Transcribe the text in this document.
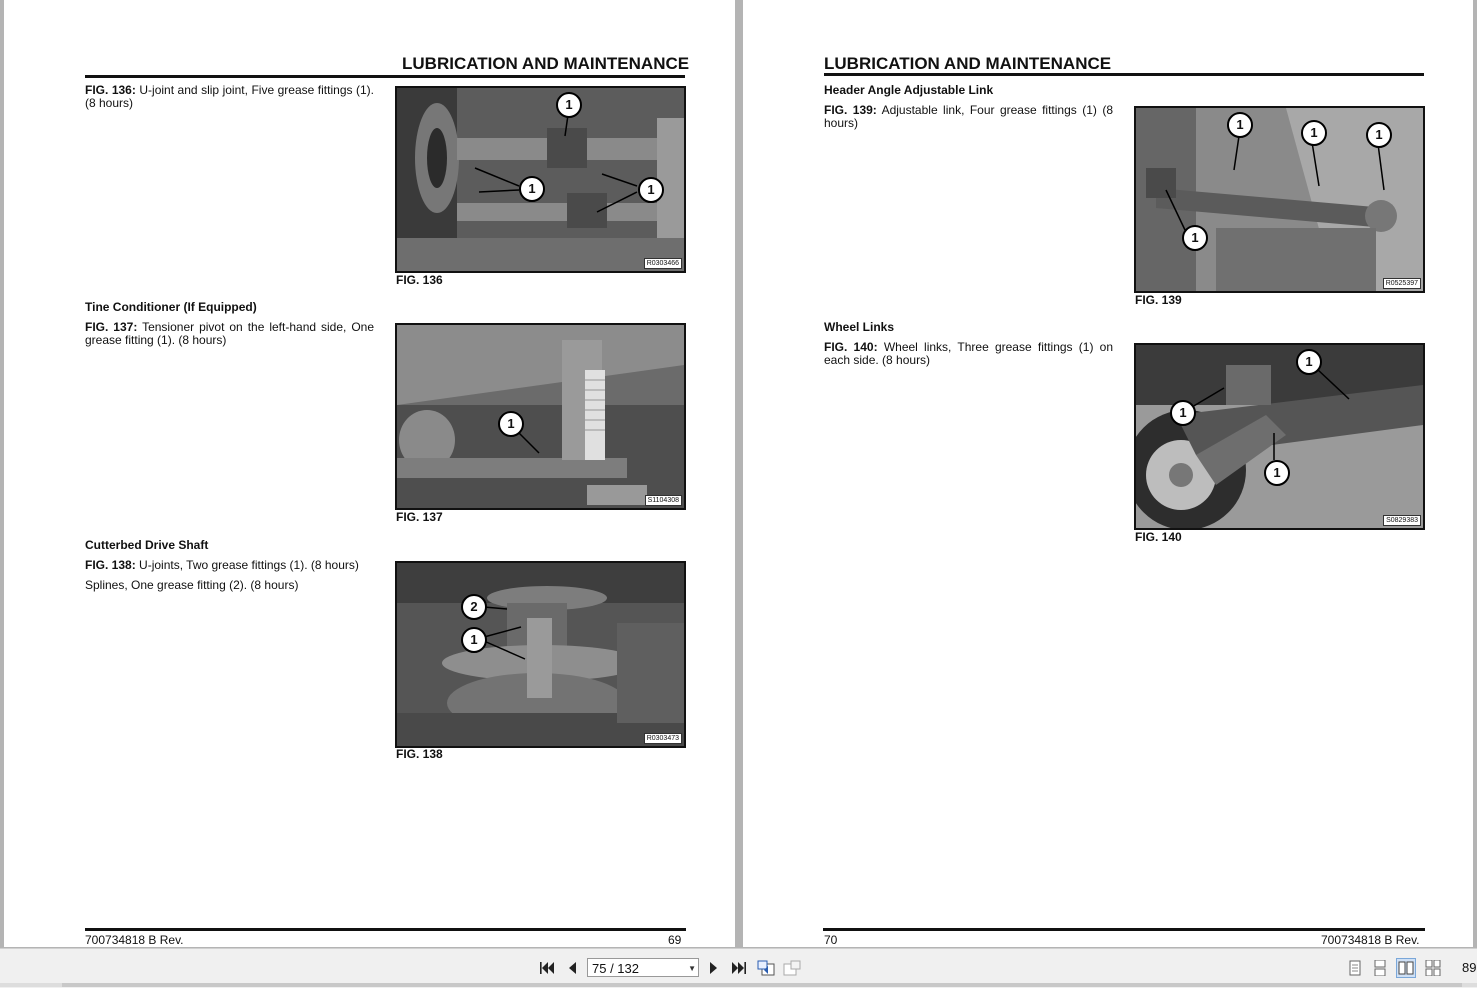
LUBRICATION AND MAINTENANCE
FIG. 136: U-joint and slip joint, Five grease fittings (1). (8 hours)	1
1	1
R0303466
FIG. 136
Tine Conditioner (If Equipped)
FIG. 137: Tensioner pivot on the left-hand side, One grease fitting (1). (8 hours)
1
S1104308
FIG. 137
Cutterbed Drive Shaft
FIG. 138: U-joints, Two grease fittings (1). (8 hours)
Splines, One grease fitting (2). (8 hours)
2
1
R0303473
FIG. 138
700734818 B Rev.	69
LUBRICATION AND MAINTENANCE
Header Angle Adjustable Link
FIG. 139: Adjustable link, Four grease fittings (1) (8 hours)	1
1	1
1
R0525397
FIG. 139
Wheel Links
FIG. 140: Wheel links, Three grease fittings (1) on each side. (8 hours)	1
1
1
S0829383
FIG. 140
70	700734818 B Rev.
75 / 132	▼	89
